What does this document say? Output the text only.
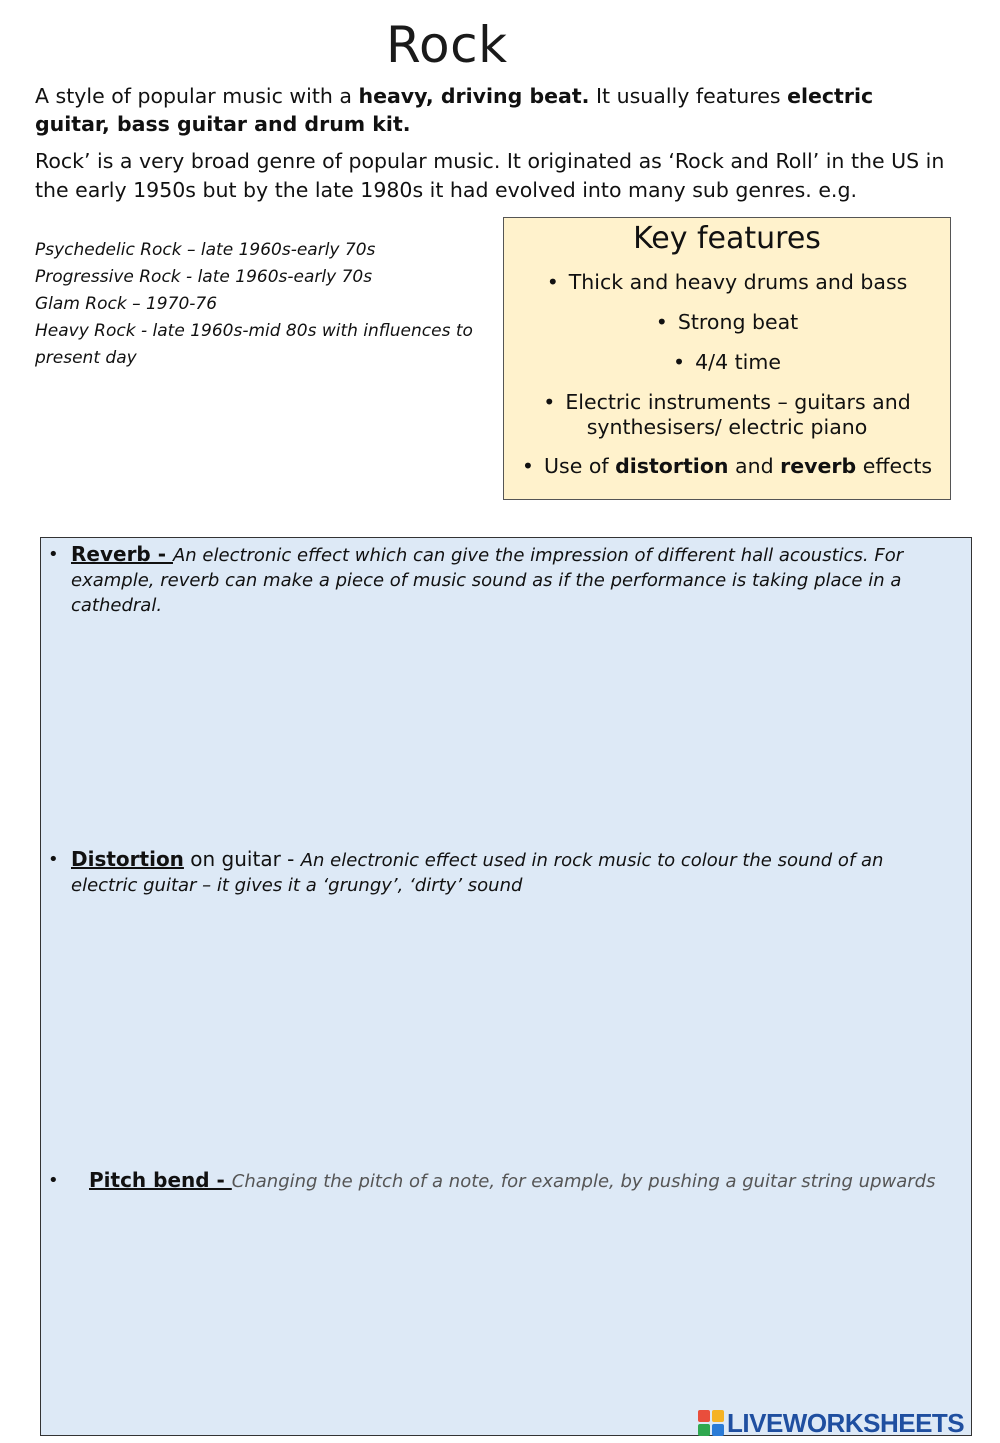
Rock

A style of popular music with a heavy, driving beat. It usually features electric guitar, bass guitar and drum kit.

Rock’ is a very broad genre of popular music. It originated as ‘Rock and Roll’ in the US in the early 1950s but by the late 1980s it had evolved into many sub genres. e.g.

Psychedelic Rock – late 1960s-early 70s
Progressive Rock - late 1960s-early 70s
Glam Rock – 1970-76
Heavy Rock - late 1960s-mid 80s with influences to present day
Key features
• Thick and heavy drums and bass
• Strong beat
• 4/4 time
• Electric instruments – guitars and synthesisers/ electric piano
• Use of distortion and reverb effects
• Reverb - An electronic effect which can give the impression of different hall acoustics. For example, reverb can make a piece of music sound as if the performance is taking place in a cathedral.
• Distortion on guitar - An electronic effect used in rock music to colour the sound of an electric guitar – it gives it a ‘grungy’, ‘dirty’ sound
• Pitch bend - Changing the pitch of a note, for example, by pushing a guitar string upwards
LIVEWORKSHEETS
